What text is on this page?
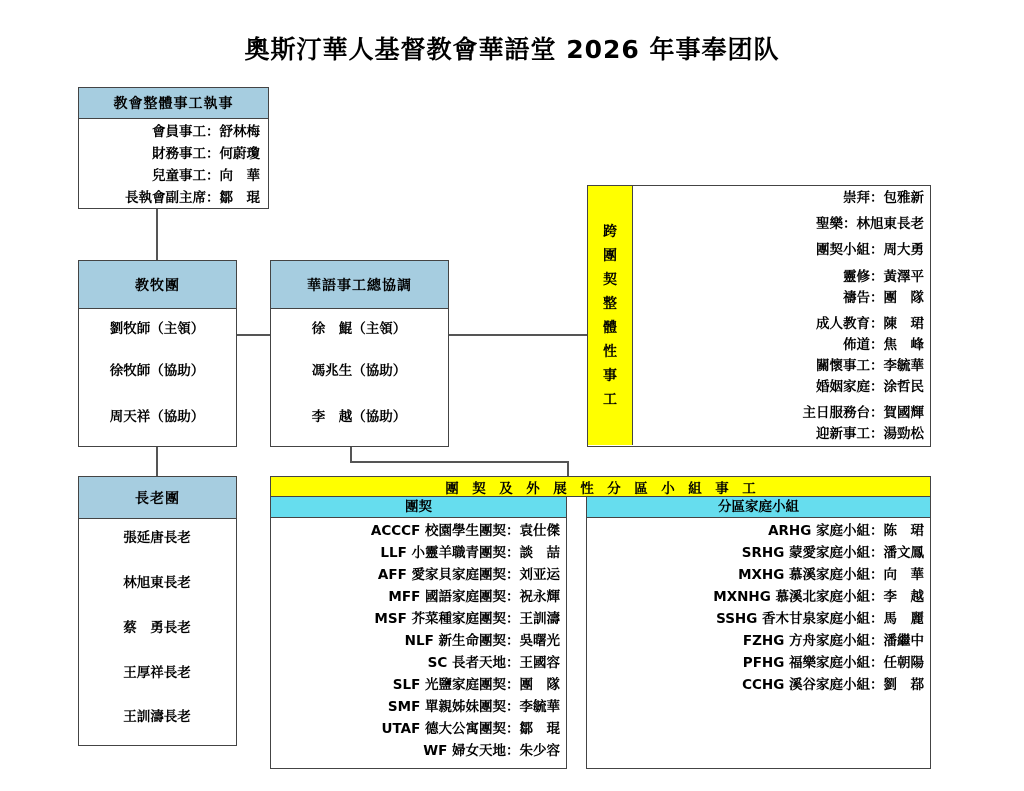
奧斯汀華人基督教會華語堂 2026 年事奉团队
教會整體事工執事
會員事工：舒林梅
財務事工：何蔚瓊
兒童事工：向　華
長執會副主席：鄒　琨
教牧團
劉牧師（主領）
徐牧師（協助）
周天祥（協助）
華語事工總協調
徐　鯤（主領）
馮兆生（協助）
李　越（協助）
跨
團
契
整
體
性
事
工
崇拜：包雅新
聖樂：林旭東長老
團契小組：周大勇
靈修：黃澤平
禱告：團　隊
成人教育：陳　珺
佈道：焦　峰
關懷事工：李毓華
婚姻家庭：涂哲民
主日服務台：賀國輝
迎新事工：湯勁松
長老團
張延唐長老
林旭東長老
蔡　勇長老
王厚祥長老
王訓濤長老
團　契　及　外　展　性　分　區　小　組　事　工
團契
ACCCF 校園學生團契：袁仕傑
LLF 小靈羊職青團契：談　喆
AFF 愛家貝家庭團契：刘亚运
MFF 國語家庭團契：祝永輝
MSF 芥菜種家庭團契：王訓濤
NLF 新生命團契：吳曙光
SC 長者天地：王國容
SLF 光鹽家庭團契：團　隊
SMF 單親姊妹團契：李毓華
UTAF 德大公寓團契：鄒　琨
WF 婦女天地：朱少容
分區家庭小組
ARHG 家庭小組：陈　珺
SRHG 蒙愛家庭小組：潘文鳳
MXHG 慕溪家庭小組：向　華
MXNHG 慕溪北家庭小組：李　越
SSHG 香木甘泉家庭小組：馬　麗
FZHG 方舟家庭小組：潘繼中
PFHG 福樂家庭小組：任朝陽
CCHG 溪谷家庭小組：劉　鄀
